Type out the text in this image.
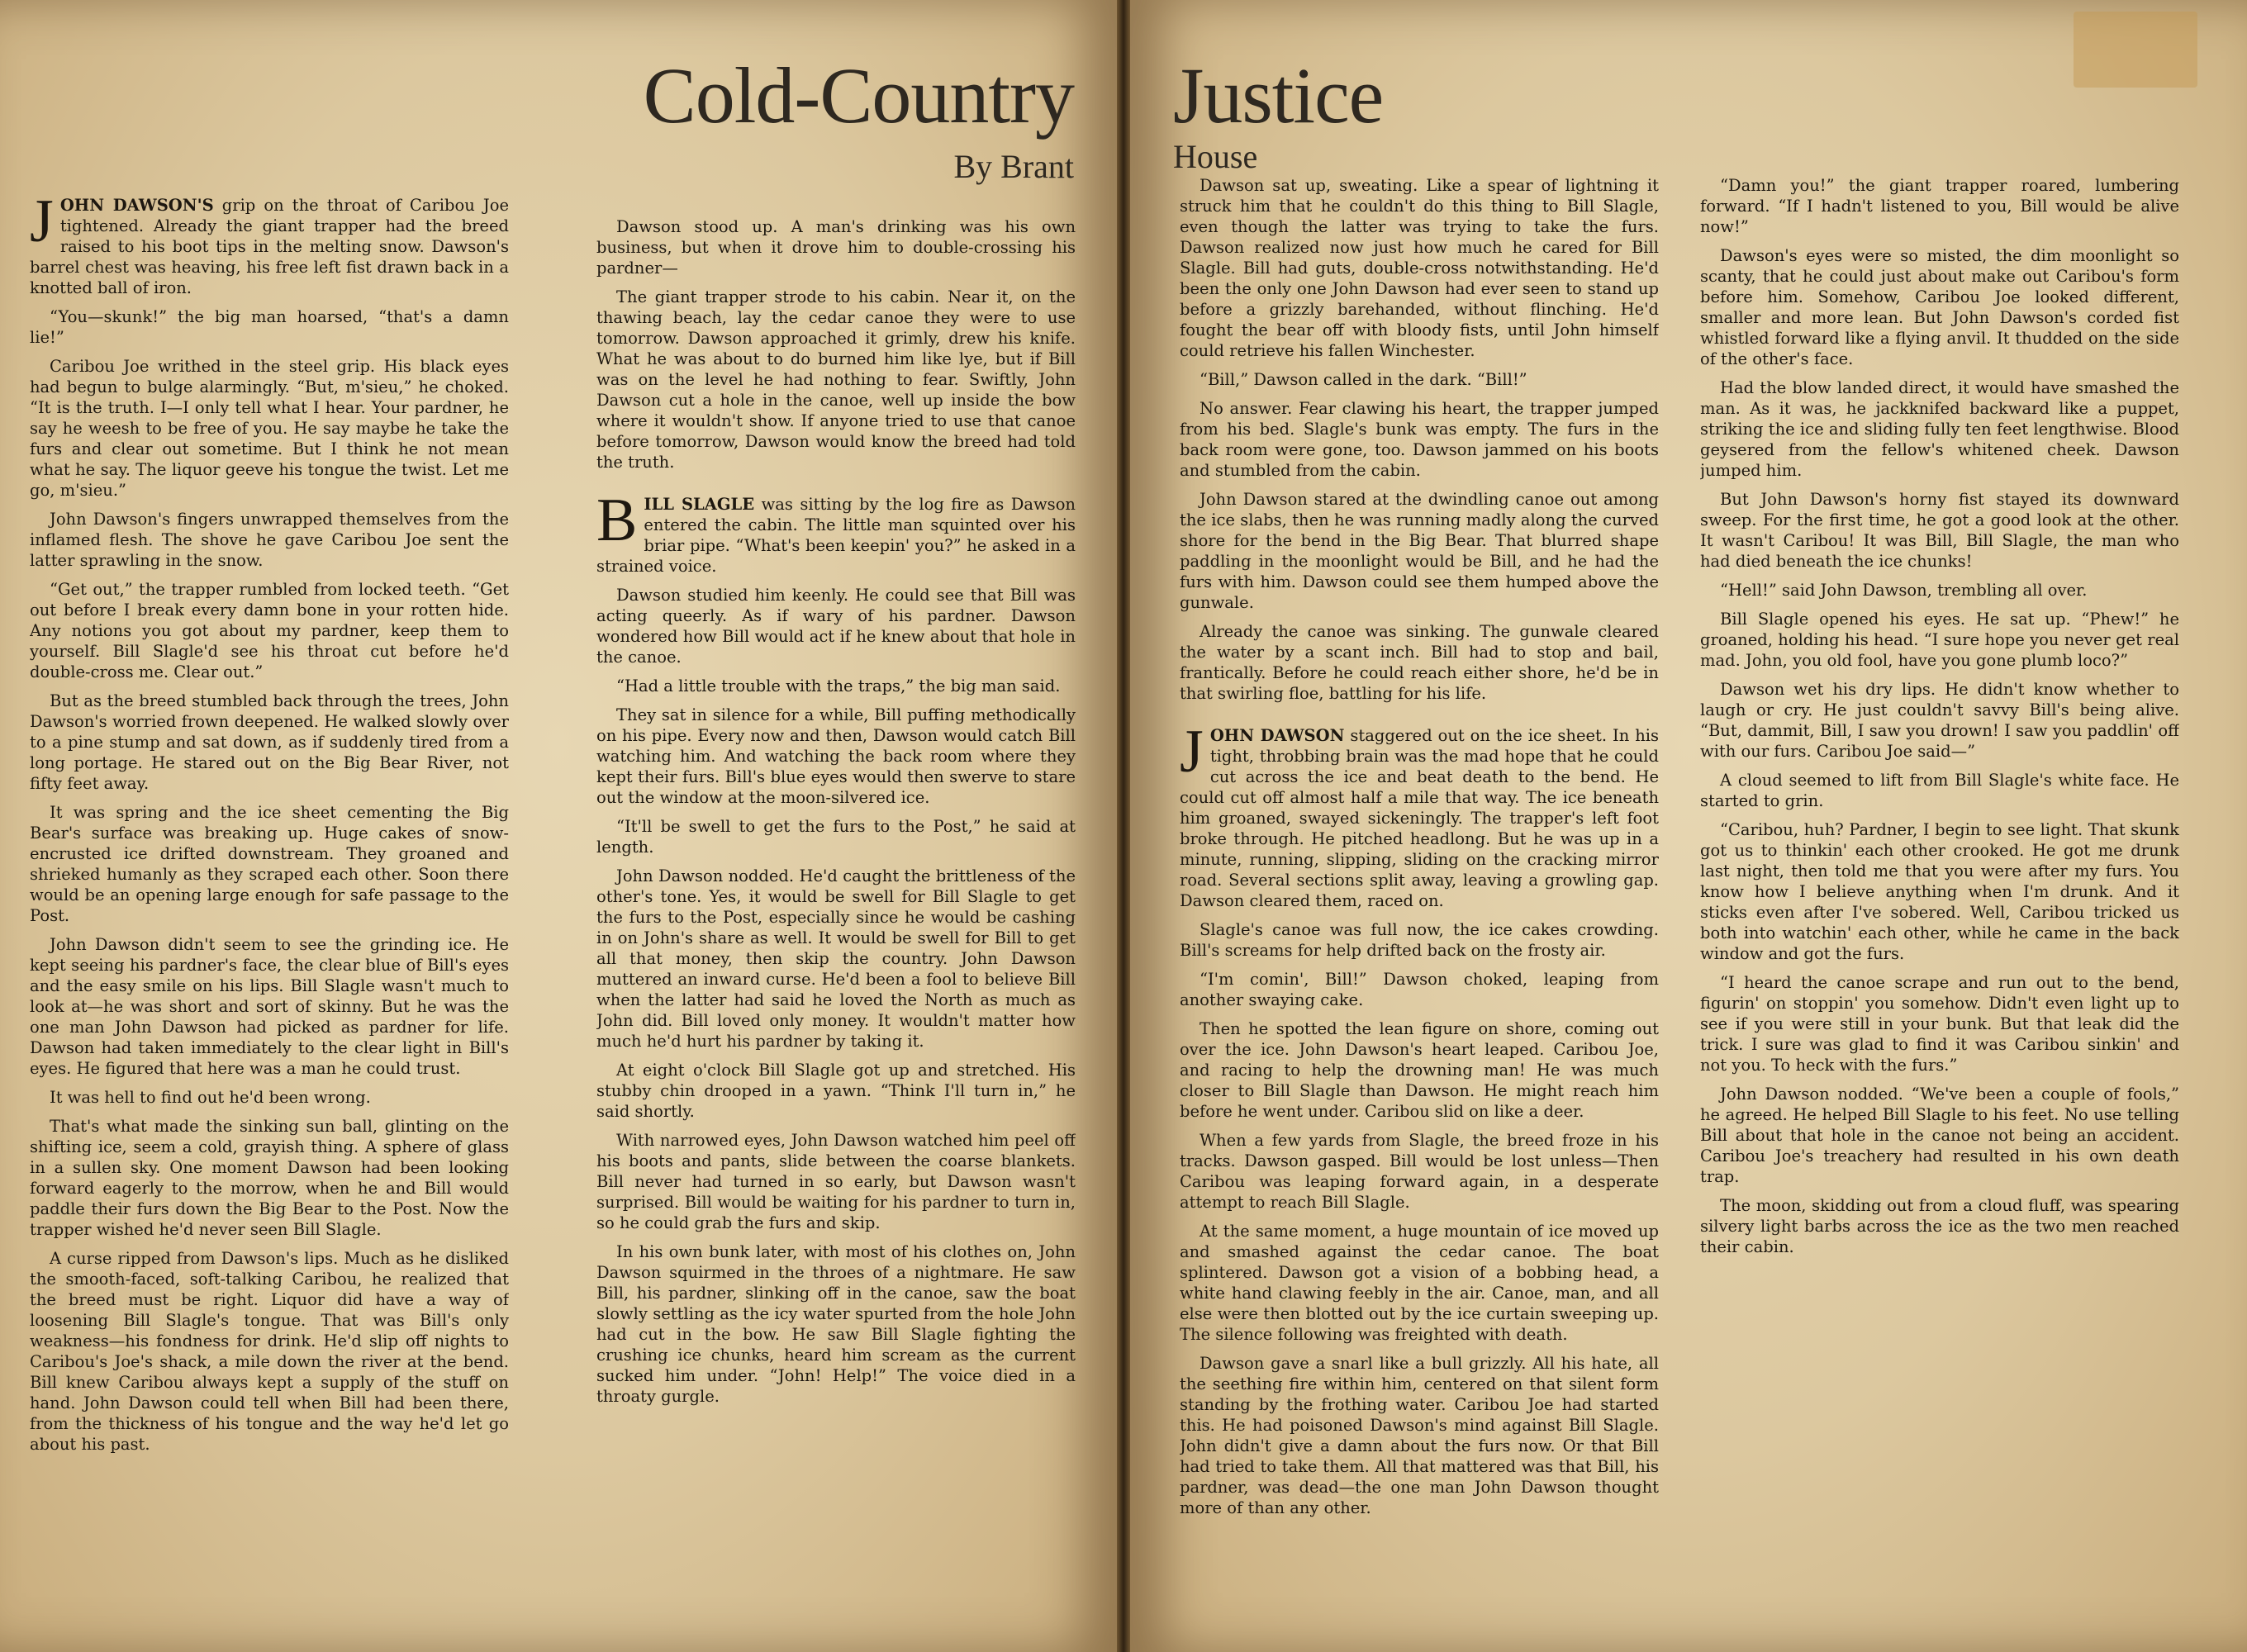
Cold-Country
By Brant

JOHN DAWSON'S grip on the throat of Caribou Joe tightened. Already the giant trapper had the breed raised to his boot tips in the melting snow. Dawson's barrel chest was heaving, his free left fist drawn back in a knotted ball of iron.

“You—skunk!” the big man hoarsed, “that's a damn lie!”

Caribou Joe writhed in the steel grip. His black eyes had begun to bulge alarmingly. “But, m'sieu,” he choked. “It is the truth. I—I only tell what I hear. Your pardner, he say he weesh to be free of you. He say maybe he take the furs and clear out sometime. But I think he not mean what he say. The liquor geeve his tongue the twist. Let me go, m'sieu.”

John Dawson's fingers unwrapped themselves from the inflamed flesh. The shove he gave Caribou Joe sent the latter sprawling in the snow.

“Get out,” the trapper rumbled from locked teeth. “Get out before I break every damn bone in your rotten hide. Any notions you got about my pardner, keep them to yourself. Bill Slagle'd see his throat cut before he'd double-cross me. Clear out.”

But as the breed stumbled back through the trees, John Dawson's worried frown deepened. He walked slowly over to a pine stump and sat down, as if suddenly tired from a long portage. He stared out on the Big Bear River, not fifty feet away.

It was spring and the ice sheet cementing the Big Bear's surface was breaking up. Huge cakes of snow-encrusted ice drifted downstream. They groaned and shrieked humanly as they scraped each other. Soon there would be an opening large enough for safe passage to the Post.

John Dawson didn't seem to see the grinding ice. He kept seeing his pardner's face, the clear blue of Bill's eyes and the easy smile on his lips. Bill Slagle wasn't much to look at—he was short and sort of skinny. But he was the one man John Dawson had picked as pardner for life. Dawson had taken immediately to the clear light in Bill's eyes. He figured that here was a man he could trust.

It was hell to find out he'd been wrong.

That's what made the sinking sun ball, glinting on the shifting ice, seem a cold, grayish thing. A sphere of glass in a sullen sky. One moment Dawson had been looking forward eagerly to the morrow, when he and Bill would paddle their furs down the Big Bear to the Post. Now the trapper wished he'd never seen Bill Slagle.

A curse ripped from Dawson's lips. Much as he disliked the smooth-faced, soft-talking Caribou, he realized that the breed must be right. Liquor did have a way of loosening Bill Slagle's tongue. That was Bill's only weakness—his fondness for drink. He'd slip off nights to Caribou's Joe's shack, a mile down the river at the bend. Bill knew Caribou always kept a supply of the stuff on hand. John Dawson could tell when Bill had been there, from the thickness of his tongue and the way he'd let go about his past.

Dawson stood up. A man's drinking was his own business, but when it drove him to double-crossing his pardner—

The giant trapper strode to his cabin. Near it, on the thawing beach, lay the cedar canoe they were to use tomorrow. Dawson approached it grimly, drew his knife. What he was about to do burned him like lye, but if Bill was on the level he had nothing to fear. Swiftly, John Dawson cut a hole in the canoe, well up inside the bow where it wouldn't show. If anyone tried to use that canoe before tomorrow, Dawson would know the breed had told the truth.

BILL SLAGLE was sitting by the log fire as Dawson entered the cabin. The little man squinted over his briar pipe. “What's been keepin' you?” he asked in a strained voice.

Dawson studied him keenly. He could see that Bill was acting queerly. As if wary of his pardner. Dawson wondered how Bill would act if he knew about that hole in the canoe.

“Had a little trouble with the traps,” the big man said.

They sat in silence for a while, Bill puffing methodically on his pipe. Every now and then, Dawson would catch Bill watching him. And watching the back room where they kept their furs. Bill's blue eyes would then swerve to stare out the window at the moon-silvered ice.

“It'll be swell to get the furs to the Post,” he said at length.

John Dawson nodded. He'd caught the brittleness of the other's tone. Yes, it would be swell for Bill Slagle to get the furs to the Post, especially since he would be cashing in on John's share as well. It would be swell for Bill to get all that money, then skip the country. John Dawson muttered an inward curse. He'd been a fool to believe Bill when the latter had said he loved the North as much as John did. Bill loved only money. It wouldn't matter how much he'd hurt his pardner by taking it.

At eight o'clock Bill Slagle got up and stretched. His stubby chin drooped in a yawn. “Think I'll turn in,” he said shortly.

With narrowed eyes, John Dawson watched him peel off his boots and pants, slide between the coarse blankets. Bill never had turned in so early, but Dawson wasn't surprised. Bill would be waiting for his pardner to turn in, so he could grab the furs and skip.

In his own bunk later, with most of his clothes on, John Dawson squirmed in the throes of a nightmare. He saw Bill, his pardner, slinking off in the canoe, saw the boat slowly settling as the icy water spurted from the hole John had cut in the bow. He saw Bill Slagle fighting the crushing ice chunks, heard him scream as the current sucked him under. “John! Help!” The voice died in a throaty gurgle.

Justice
House

Dawson sat up, sweating. Like a spear of lightning it struck him that he couldn't do this thing to Bill Slagle, even though the latter was trying to take the furs. Dawson realized now just how much he cared for Bill Slagle. Bill had guts, double-cross notwithstanding. He'd been the only one John Dawson had ever seen to stand up before a grizzly barehanded, without flinching. He'd fought the bear off with bloody fists, until John himself could retrieve his fallen Winchester.

“Bill,” Dawson called in the dark. “Bill!”

No answer. Fear clawing his heart, the trapper jumped from his bed. Slagle's bunk was empty. The furs in the back room were gone, too. Dawson jammed on his boots and stumbled from the cabin.

John Dawson stared at the dwindling canoe out among the ice slabs, then he was running madly along the curved shore for the bend in the Big Bear. That blurred shape paddling in the moonlight would be Bill, and he had the furs with him. Dawson could see them humped above the gunwale.

Already the canoe was sinking. The gunwale cleared the water by a scant inch. Bill had to stop and bail, frantically. Before he could reach either shore, he'd be in that swirling floe, battling for his life.

JOHN DAWSON staggered out on the ice sheet. In his tight, throbbing brain was the mad hope that he could cut across the ice and beat death to the bend. He could cut off almost half a mile that way. The ice beneath him groaned, swayed sickeningly. The trapper's left foot broke through. He pitched headlong. But he was up in a minute, running, slipping, sliding on the cracking mirror road. Several sections split away, leaving a growling gap. Dawson cleared them, raced on.

Slagle's canoe was full now, the ice cakes crowding. Bill's screams for help drifted back on the frosty air.

“I'm comin', Bill!” Dawson choked, leaping from another swaying cake.

Then he spotted the lean figure on shore, coming out over the ice. John Dawson's heart leaped. Caribou Joe, and racing to help the drowning man! He was much closer to Bill Slagle than Dawson. He might reach him before he went under. Caribou slid on like a deer.

When a few yards from Slagle, the breed froze in his tracks. Dawson gasped. Bill would be lost unless—Then Caribou was leaping forward again, in a desperate attempt to reach Bill Slagle.

At the same moment, a huge mountain of ice moved up and smashed against the cedar canoe. The boat splintered. Dawson got a vision of a bobbing head, a white hand clawing feebly in the air. Canoe, man, and all else were then blotted out by the ice curtain sweeping up. The silence following was freighted with death.

Dawson gave a snarl like a bull grizzly. All his hate, all the seething fire within him, centered on that silent form standing by the frothing water. Caribou Joe had started this. He had poisoned Dawson's mind against Bill Slagle. John didn't give a damn about the furs now. Or that Bill had tried to take them. All that mattered was that Bill, his pardner, was dead—the one man John Dawson thought more of than any other.

“Damn you!” the giant trapper roared, lumbering forward. “If I hadn't listened to you, Bill would be alive now!”

Dawson's eyes were so misted, the dim moonlight so scanty, that he could just about make out Caribou's form before him. Somehow, Caribou Joe looked different, smaller and more lean. But John Dawson's corded fist whistled forward like a flying anvil. It thudded on the side of the other's face.

Had the blow landed direct, it would have smashed the man. As it was, he jackknifed backward like a puppet, striking the ice and sliding fully ten feet lengthwise. Blood geysered from the fellow's whitened cheek. Dawson jumped him.

But John Dawson's horny fist stayed its downward sweep. For the first time, he got a good look at the other. It wasn't Caribou! It was Bill, Bill Slagle, the man who had died beneath the ice chunks!

“Hell!” said John Dawson, trembling all over.

Bill Slagle opened his eyes. He sat up. “Phew!” he groaned, holding his head. “I sure hope you never get real mad. John, you old fool, have you gone plumb loco?”

Dawson wet his dry lips. He didn't know whether to laugh or cry. He just couldn't savvy Bill's being alive. “But, dammit, Bill, I saw you drown! I saw you paddlin' off with our furs. Caribou Joe said—”

A cloud seemed to lift from Bill Slagle's white face. He started to grin.

“Caribou, huh? Pardner, I begin to see light. That skunk got us to thinkin' each other crooked. He got me drunk last night, then told me that you were after my furs. You know how I believe anything when I'm drunk. And it sticks even after I've sobered. Well, Caribou tricked us both into watchin' each other, while he came in the back window and got the furs.

“I heard the canoe scrape and run out to the bend, figurin' on stoppin' you somehow. Didn't even light up to see if you were still in your bunk. But that leak did the trick. I sure was glad to find it was Caribou sinkin' and not you. To heck with the furs.”

John Dawson nodded. “We've been a couple of fools,” he agreed. He helped Bill Slagle to his feet. No use telling Bill about that hole in the canoe not being an accident. Caribou Joe's treachery had resulted in his own death trap.

The moon, skidding out from a cloud fluff, was spearing silvery light barbs across the ice as the two men reached their cabin.
